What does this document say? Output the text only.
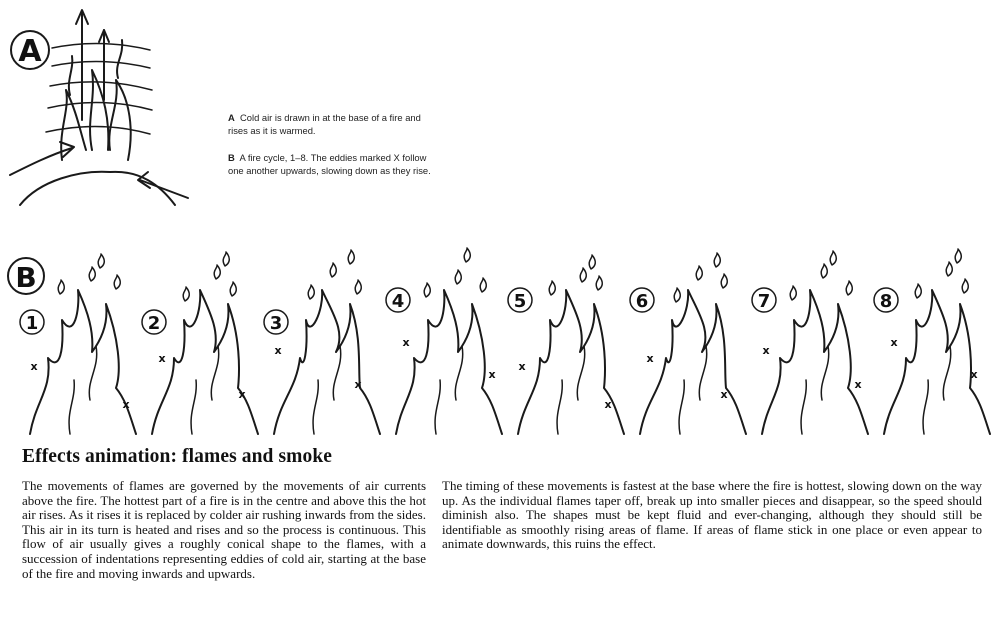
A
A Cold air is drawn in at the base of a fire and rises as it is warmed.
B A fire cycle, 1–8. The eddies marked X follow one another upwards, slowing down as they rise.
B
1
x
x
2
x
x
3
x
x
4
x
x
5
x
x
6
x
x
7
x
x
8
x
x
Effects animation: flames and smoke
The movements of flames are governed by the movements of air currents above the fire. The hottest part of a fire is in the centre and above this the hot air rises. As it rises it is replaced by colder air rushing inwards from the sides. This air in its turn is heated and rises and so the process is continuous. This flow of air usually gives a roughly conical shape to the flames, with a succession of indentations representing eddies of cold air, starting at the base of the fire and moving inwards and upwards.
The timing of these movements is fastest at the base where the fire is hottest, slowing down on the way up. As the individual flames taper off, break up into smaller pieces and disappear, so the speed should diminish also. The shapes must be kept fluid and ever-changing, although they should still be identifiable as smoothly rising areas of flame. If areas of flame stick in one place or even appear to animate downwards, this ruins the effect.
